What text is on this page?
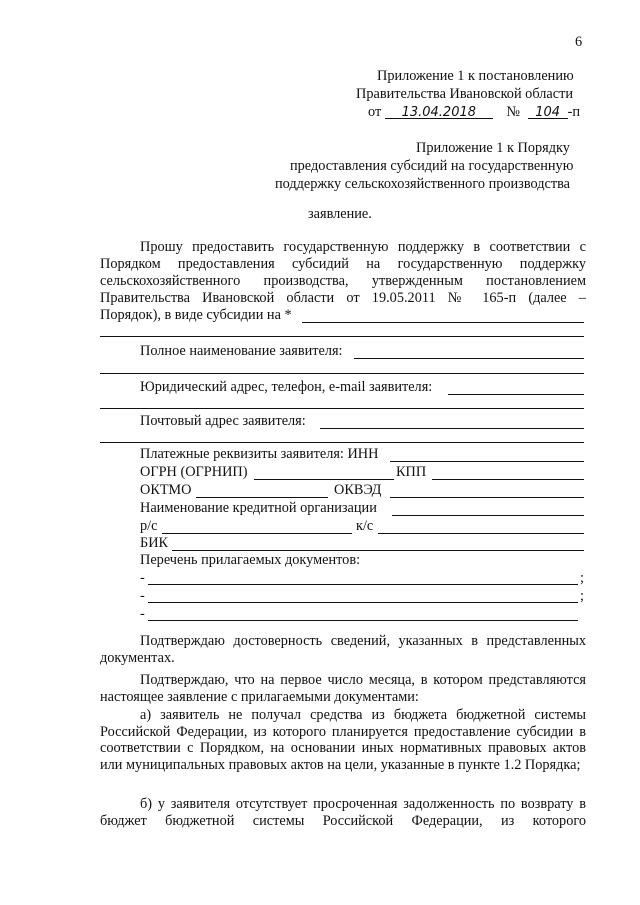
6
Приложение 1 к постановлению
Правительства Ивановской области
от 13.04.2018 № 104 -п
Приложение 1 к Порядку
предоставления субсидий на государственную
поддержку сельскохозяйственного производства
заявление.
Прошу предоставить государственную поддержку в соответствии с
Порядком предоставления субсидий на государственную поддержку
сельскохозяйственного производства, утвержденным постановлением
Правительства Ивановской области от 19.05.2011 № 165-п (далее –
Порядок), в виде субсидии на *
Полное наименование заявителя:
Юридический адрес, телефон, e-mail заявителя:
Почтовый адрес заявителя:
Платежные реквизиты заявителя: ИНН
ОГРН (ОГРНИП)	КПП
ОКТМО	ОКВЭД
Наименование кредитной организации
р/с	к/с
БИК
Перечень прилагаемых документов:
-	;
-	;
-
Подтверждаю достоверность сведений, указанных в представленных документах.
Подтверждаю, что на первое число месяца, в котором представляются настоящее заявление с прилагаемыми документами:
а) заявитель не получал средства из бюджета бюджетной системы Российской Федерации, из которого планируется предоставление субсидии в соответствии с Порядком, на основании иных нормативных правовых актов или муниципальных правовых актов на цели, указанные в пункте 1.2 Порядка;
б) у заявителя отсутствует просроченная задолженность по возврату в бюджет бюджетной системы Российской Федерации, из которого
